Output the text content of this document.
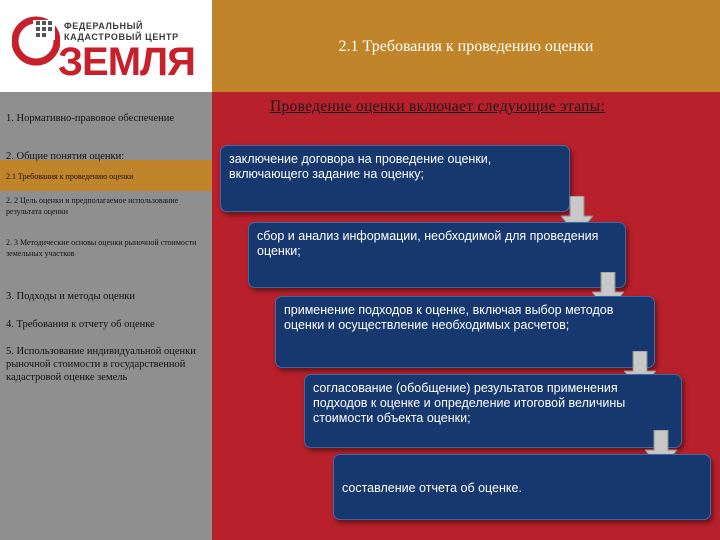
ФЕДЕРАЛЬНЫЙ
КАДАСТРОВЫЙ ЦЕНТР
ЗЕМЛЯ	2.1 Требования к проведению оценки
1. Нормативно-правовое обеспечение
2. Общие понятия оценки:
2.1 Требования к проведению оценки
2. 2 Цель оценки и предполагаемое использование результата оценки
2. 3 Методические основы оценки рыночной стоимости земельных участков
3. Подходы и методы оценки
4. Требования к отчету об оценке
5. Использование индивидуальной оценки рыночной стоимости в государственной кадастровой оценке земель
Проведение оценки включает следующие этапы:
заключение договора на проведение оценки, включающего задание на оценку;
сбор и анализ информации, необходимой для проведения оценки;
применение подходов к оценке, включая выбор методов оценки и осуществление необходимых расчетов;
согласование (обобщение) результатов применения подходов к оценке и определение итоговой величины стоимости объекта оценки;
составление отчета об оценке.
